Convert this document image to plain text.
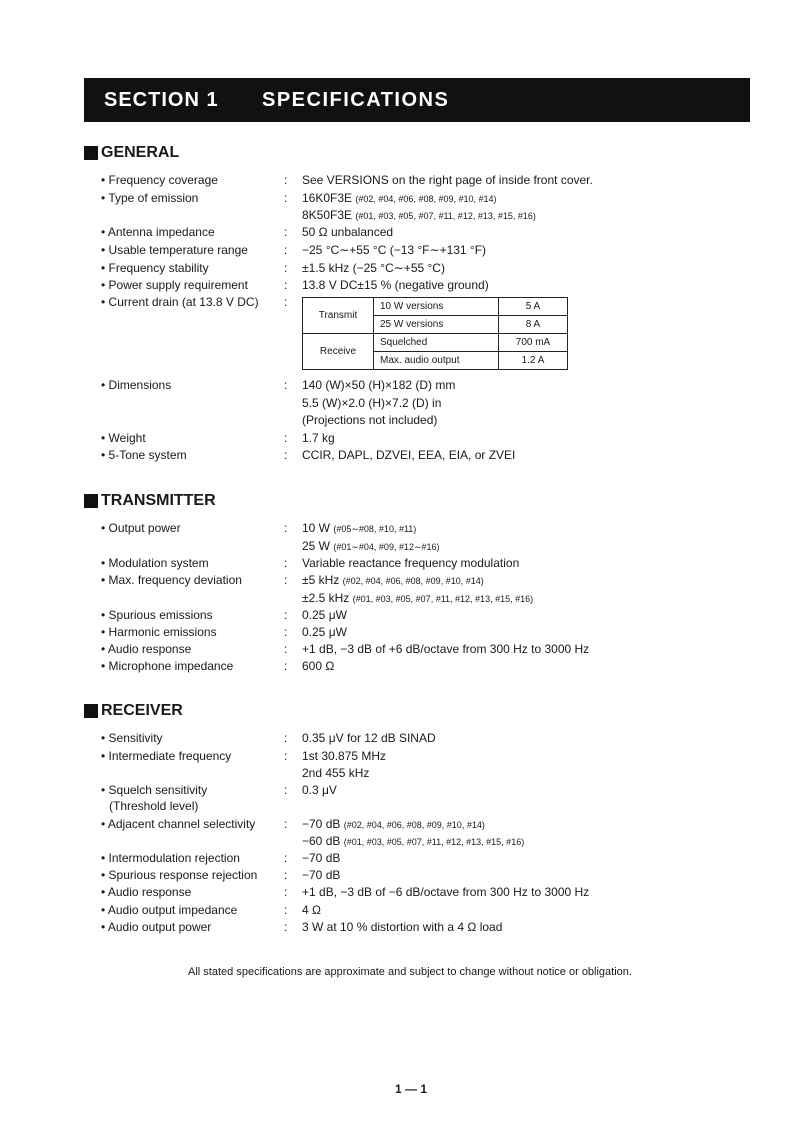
SECTION 1	SPECIFICATIONS
GENERAL
• Frequency coverage	: See VERSIONS on the right page of inside front cover.
• Type of emission	: 16K0F3E (#02, #04, #06, #08, #09, #10, #14)
8K50F3E (#01, #03, #05, #07, #11, #12, #13, #15, #16)
• Antenna impedance	: 50 Ω unbalanced
• Usable temperature range	: −25 °C∼+55 °C (−13 °F∼+131 °F)
• Frequency stability	: ±1.5 kHz (−25 °C∼+55 °C)
• Power supply requirement	: 13.8 V DC±15 % (negative ground)
• Current drain (at 13.8 V DC) :
Transmit	10 W versions	5 A
	25 W versions	8 A
Receive	Squelched	700 mA
	Max. audio output	1.2 A
• Dimensions	: 140 (W)×50 (H)×182 (D) mm
5.5 (W)×2.0 (H)×7.2 (D) in
(Projections not included)
• Weight	: 1.7 kg
• 5-Tone system	: CCIR, DAPL, DZVEI, EEA, EIA, or ZVEI
TRANSMITTER
• Output power	: 10 W (#05∼#08, #10, #11)
25 W (#01∼#04, #09, #12∼#16)
• Modulation system	: Variable reactance frequency modulation
• Max. frequency deviation	: ±5 kHz (#02, #04, #06, #08, #09, #10, #14)
±2.5 kHz (#01, #03, #05, #07, #11, #12, #13, #15, #16)
• Spurious emissions	: 0.25 μW
• Harmonic emissions	: 0.25 μW
• Audio response	: +1 dB, −3 dB of +6 dB/octave from 300 Hz to 3000 Hz
• Microphone impedance	: 600 Ω
RECEIVER
• Sensitivity	: 0.35 μV for 12 dB SINAD
• Intermediate frequency	: 1st 30.875 MHz
2nd 455 kHz
• Squelch sensitivity	: 0.3 μV
(Threshold level)
• Adjacent channel selectivity : −70 dB (#02, #04, #06, #08, #09, #10, #14)
−60 dB (#01, #03, #05, #07, #11, #12, #13, #15, #16)
• Intermodulation rejection	: −70 dB
• Spurious response rejection : −70 dB
• Audio response	: +1 dB, −3 dB of −6 dB/octave from 300 Hz to 3000 Hz
• Audio output impedance	: 4 Ω
• Audio output power	: 3 W at 10 % distortion with a 4 Ω load
All stated specifications are approximate and subject to change without notice or obligation.
1 — 1
